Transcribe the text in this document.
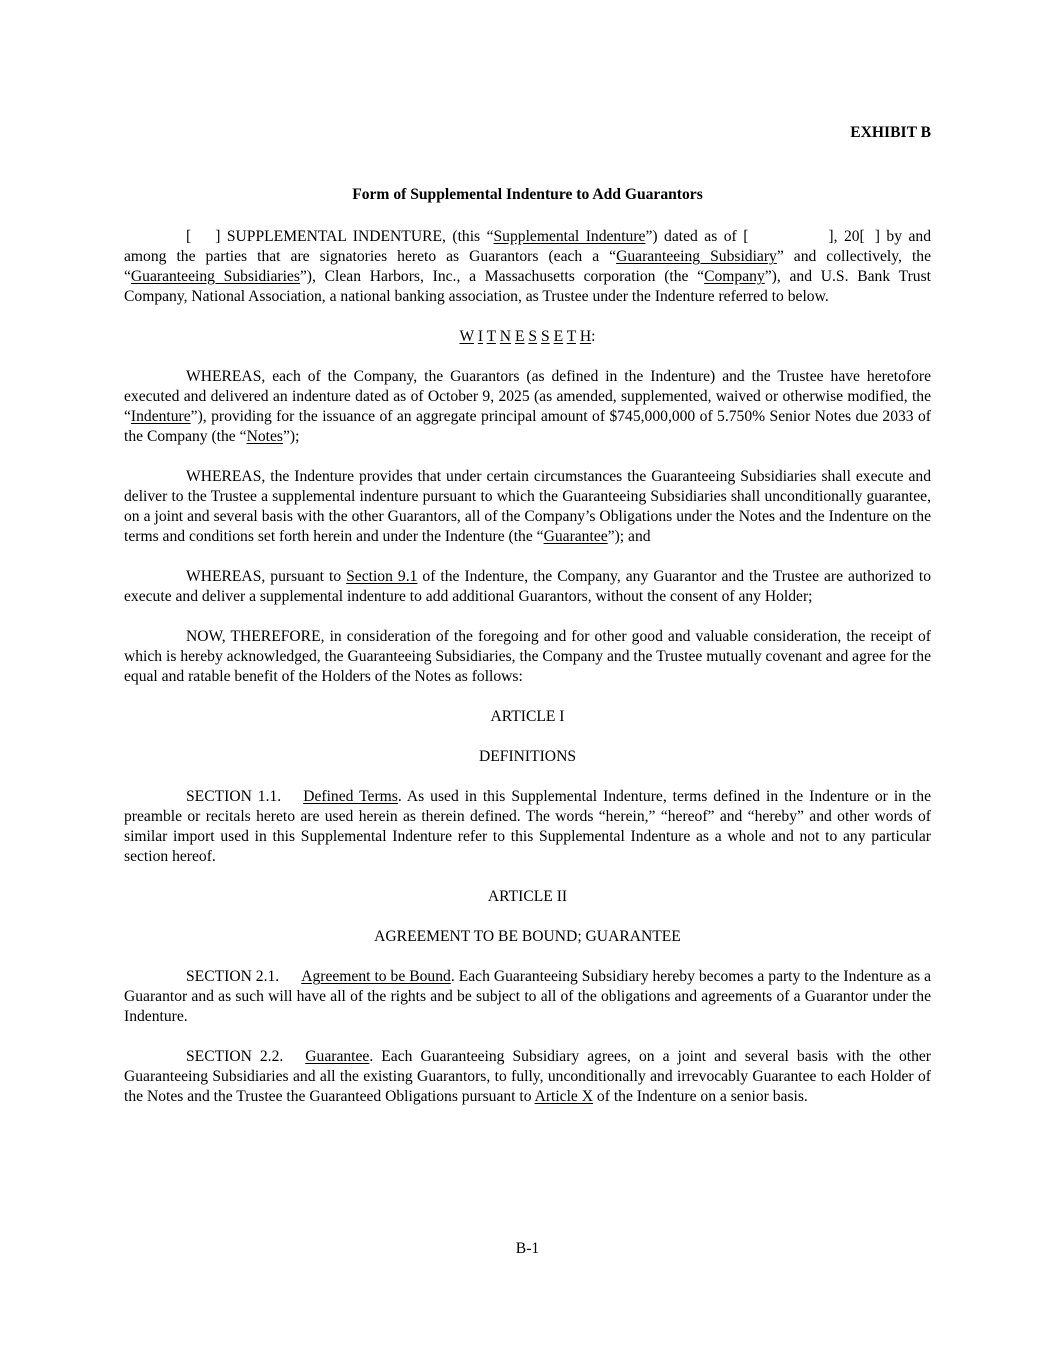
EXHIBIT B
Form of Supplemental Indenture to Add Guarantors

[ ] SUPPLEMENTAL INDENTURE, (this “Supplemental Indenture”) dated as of [	], 20[ ] by and among the parties that are signatories hereto as Guarantors (each a “Guaranteeing Subsidiary” and collectively, the “Guaranteeing Subsidiaries”), Clean Harbors, Inc., a Massachusetts corporation (the “Company”), and U.S. Bank Trust Company, National Association, a national banking association, as Trustee under the Indenture referred to below.

W I T N E S S E T H:

WHEREAS, each of the Company, the Guarantors (as defined in the Indenture) and the Trustee have heretofore executed and delivered an indenture dated as of October 9, 2025 (as amended, supplemented, waived or otherwise modified, the “Indenture”), providing for the issuance of an aggregate principal amount of $745,000,000 of 5.750% Senior Notes due 2033 of the Company (the “Notes”);

WHEREAS, the Indenture provides that under certain circumstances the Guaranteeing Subsidiaries shall execute and deliver to the Trustee a supplemental indenture pursuant to which the Guaranteeing Subsidiaries shall unconditionally guarantee, on a joint and several basis with the other Guarantors, all of the Company’s Obligations under the Notes and the Indenture on the terms and conditions set forth herein and under the Indenture (the “Guarantee”); and

WHEREAS, pursuant to Section 9.1 of the Indenture, the Company, any Guarantor and the Trustee are authorized to execute and deliver a supplemental indenture to add additional Guarantors, without the consent of any Holder;

NOW, THEREFORE, in consideration of the foregoing and for other good and valuable consideration, the receipt of which is hereby acknowledged, the Guaranteeing Subsidiaries, the Company and the Trustee mutually covenant and agree for the equal and ratable benefit of the Holders of the Notes as follows:

ARTICLE I

DEFINITIONS

SECTION 1.1. Defined Terms. As used in this Supplemental Indenture, terms defined in the Indenture or in the preamble or recitals hereto are used herein as therein defined. The words “herein,” “hereof” and “hereby” and other words of similar import used in this Supplemental Indenture refer to this Supplemental Indenture as a whole and not to any particular section hereof.

ARTICLE II

AGREEMENT TO BE BOUND; GUARANTEE

SECTION 2.1. Agreement to be Bound. Each Guaranteeing Subsidiary hereby becomes a party to the Indenture as a Guarantor and as such will have all of the rights and be subject to all of the obligations and agreements of a Guarantor under the Indenture.

SECTION 2.2. Guarantee. Each Guaranteeing Subsidiary agrees, on a joint and several basis with the other Guaranteeing Subsidiaries and all the existing Guarantors, to fully, unconditionally and irrevocably Guarantee to each Holder of the Notes and the Trustee the Guaranteed Obligations pursuant to Article X of the Indenture on a senior basis.

B-1
